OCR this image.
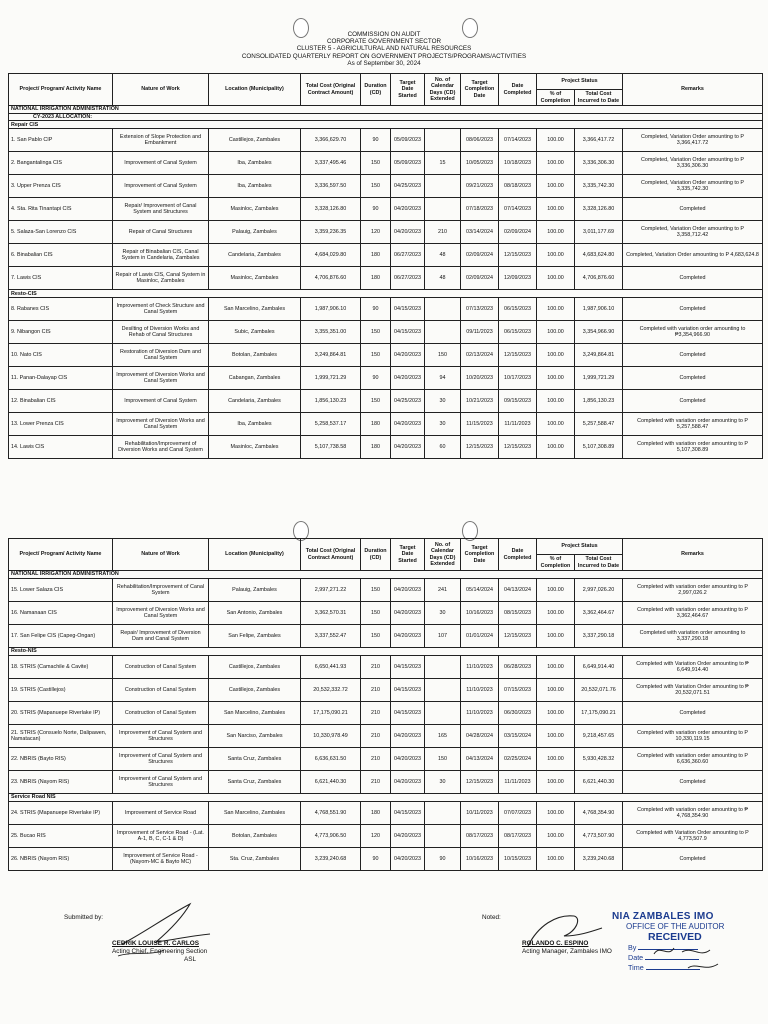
COMMISSION ON AUDIT
CORPORATE GOVERNMENT SECTOR
CLUSTER 5 - AGRICULTURAL AND NATURAL RESOURCES
CONSOLIDATED QUARTERLY REPORT ON GOVERNMENT PROJECTS/PROGRAMS/ACTIVITIES
As of September 30, 2024
Project/ Program/ Activity Name	Nature of Work	Location (Municipality)	Total Cost (Original Contract Amount)	Duration (CD)	Target Date Started	No. of Calendar Days (CD) Extended	Target Completion Date	Date Completed	Project Status		Remarks
									% of Completion	Total Cost Incurred to Date	
NATIONAL IRRIGATION ADMINISTRATION											
CY-2023 ALLOCATION:											
Repair CIS											
1. San Pablo CIP	Extension of Slope Protection and Embankment	Castillejos, Zambales	3,366,629.70	90	05/09/2023		08/06/2023	07/14/2023	100.00	3,366,417.72	Completed, Variation Order amounting to P 3,366,417.72
2. Bangantalinga CIS	Improvement of Canal System	Iba, Zambales	3,337,495.46	150	05/09/2023	15	10/05/2023	10/18/2023	100.00	3,336,306.30	Completed, Variation Order amounting to P 3,336,306.30
3. Upper Prenza CIS	Improvement of Canal System	Iba, Zambales	3,336,597.50	150	04/25/2023		09/21/2023	08/18/2023	100.00	3,335,742.30	Completed, Variation Order amounting to P 3,335,742.30
4. Sta. Rita Tinantapi CIS	Repair/ Improvement of Canal System and Structures	Masinloc, Zambales	3,328,126.80	90	04/20/2023		07/18/2023	07/14/2023	100.00	3,328,126.80	Completed
5. Salaza-San Lorenzo CIS	Repair of Canal Structures	Palauig, Zambales	3,359,236.35	120	04/20/2023	210	03/14/2024	02/09/2024	100.00	3,011,177.69	Completed, Variation Order amounting to P 3,358,712.42
6. Binabalian CIS	Repair of Binabalian CIS, Canal System in Candelaria, Zambales	Candelaria, Zambales	4,684,029.80	180	06/27/2023	48	02/09/2024	12/15/2023	100.00	4,683,624.80	Completed, Variation Order amounting to P 4,683,624.8
7. Lawis CIS	Repair of Lawis CIS, Canal System in Masinloc, Zambales	Masinloc, Zambales	4,706,876.60	180	06/27/2023	48	02/09/2024	12/09/2023	100.00	4,706,876.60	Completed
Resto-CIS											
8. Rabanes CIS	Improvement of Check Structure and Canal System	San Marcelino, Zambales	1,987,906.10	90	04/15/2023		07/13/2023	06/15/2023	100.00	1,987,906.10	Completed
9. Nibangon CIS	Desilting of Diversion Works and Rehab of Canal Structures	Subic, Zambales	3,355,351.00	150	04/15/2023		09/11/2023	06/15/2023	100.00	3,354,966.90	Completed with variation order amounting to ₱3,354,966.90
10. Nato CIS	Restoration of Diversion Dam and Canal System	Botolan, Zambales	3,249,864.81	150	04/20/2023	150	02/13/2024	12/15/2023	100.00	3,249,864.81	Completed
11. Panan-Dalayap CIS	Improvement of Diversion Works and Canal System	Cabangan, Zambales	1,999,721.29	90	04/20/2023	94	10/20/2023	10/17/2023	100.00	1,999,721.29	Completed
12. Binabalian CIS	Improvement of Canal System	Candelaria, Zambales	1,856,130.23	150	04/25/2023	30	10/21/2023	09/15/2023	100.00	1,856,130.23	Completed
13. Lower Prenza CIS	Improvement of Diversion Works and Canal System	Iba, Zambales	5,258,537.17	180	04/20/2023	30	11/15/2023	11/11/2023	100.00	5,257,588.47	Completed with variation order amounting to P 5,257,588.47
14. Lawis CIS	Rehabilitation/Improvement of Diversion Works and Canal System	Masinloc, Zambales	5,107,738.58	180	04/20/2023	60	12/15/2023	12/15/2023	100.00	5,107,308.89	Completed with variation order amounting to P 5,107,308.89
Project/ Program/ Activity Name	Nature of Work	Location (Municipality)	Total Cost (Original Contract Amount)	Duration (CD)	Target Date Started	No. of Calendar Days (CD) Extended	Target Completion Date	Date Completed	Project Status		Remarks
									% of Completion	Total Cost Incurred to Date	
NATIONAL IRRIGATION ADMINISTRATION											
15. Lower Salaza CIS	Rehabilitation/Improvement of Canal System	Palauig, Zambales	2,997,271.22	150	04/20/2023	241	05/14/2024	04/13/2024	100.00	2,997,026.20	Completed with variation order amounting to P 2,997,026.2
16. Namanaan CIS	Improvement of Diversion Works and Canal System	San Antonio, Zambales	3,362,570.31	150	04/20/2023	30	10/16/2023	08/15/2023	100.00	3,362,464.67	Completed with variation order amounting to P 3,362,464.67
17. San Felipe CIS (Capeg-Ongan)	Repair/ Improvement of Diversion Dam and Canal System	San Felipe, Zambales	3,337,552.47	150	04/20/2023	107	01/01/2024	12/15/2023	100.00	3,337,290.18	Completed with variation order amounting to 3,337,290.18
Resto-NIS											
18. STRIS (Camachile & Cavite)	Construction of Canal System	Castillejos, Zambales	6,650,441.93	210	04/15/2023		11/10/2023	06/28/2023	100.00	6,649,914.40	Completed with Variation Order amounting to ₱ 6,649,914.40
19. STRIS (Castillejos)	Construction of Canal System	Castillejos, Zambales	20,532,332.72	210	04/15/2023		11/10/2023	07/15/2023	100.00	20,532,071.76	Completed with Variation Order amounting to ₱ 20,532,071.51
20. STRIS (Mapanuepe Riverlake IP)	Construction of Canal System	San Marcelino, Zambales	17,175,090.21	210	04/15/2023		11/10/2023	06/30/2023	100.00	17,175,090.21	Completed
21. STRIS (Consuelo Norte, Dalipawen, Namatacan)	Improvement of Canal System and Structures	San Narciso, Zambales	10,330,978.49	210	04/20/2023	165	04/28/2024	03/15/2024	100.00	9,218,457.65	Completed with variation order amounting to P 10,330,119.15
22. NBRIS (Bayto RIS)	Improvement of Canal System and Structures	Santa Cruz, Zambales	6,636,631.50	210	04/20/2023	150	04/13/2024	02/25/2024	100.00	5,930,428.32	Completed with variation order amounting to P 6,636,360.60
23. NBRIS (Nayom RIS)	Improvement of Canal System and Structures	Santa Cruz, Zambales	6,621,440.30	210	04/20/2023	30	12/15/2023	11/11/2023	100.00	6,621,440.30	Completed
Service Road NIS											
24. STRIS (Mapanuepe Riverlake IP)	Improvement of Service Road	San Marcelino, Zambales	4,768,551.90	180	04/15/2023		10/11/2023	07/07/2023	100.00	4,768,354.90	Completed with variation order amounting to ₱ 4,768,354.90
25. Bucao RIS	Improvement of Service Road - (Lat. A-1, B, C, C-1 & D)	Botolan, Zambales	4,773,906.50	120	04/20/2023		08/17/2023	08/17/2023	100.00	4,773,507.90	Completed with Variation Order amounting to P 4,773,507.9
26. NBRIS (Nayom RIS)	Improvement of Service Road - (Nayom-MC & Bayto MC)	Sta. Cruz, Zambales	3,239,240.68	90	04/20/2023	90	10/16/2023	10/15/2023	100.00	3,239,240.68	Completed
Submitted by:
CEDRIK LOUISE R. CARLOS
Acting Chief, Engineering Section
ASL
Noted:
ROLANDO C. ESPINO
Acting Manager, Zambales IMO
NIA ZAMBALES IMO
OFFICE OF THE AUDITOR
RECEIVED
By
Date
Time
